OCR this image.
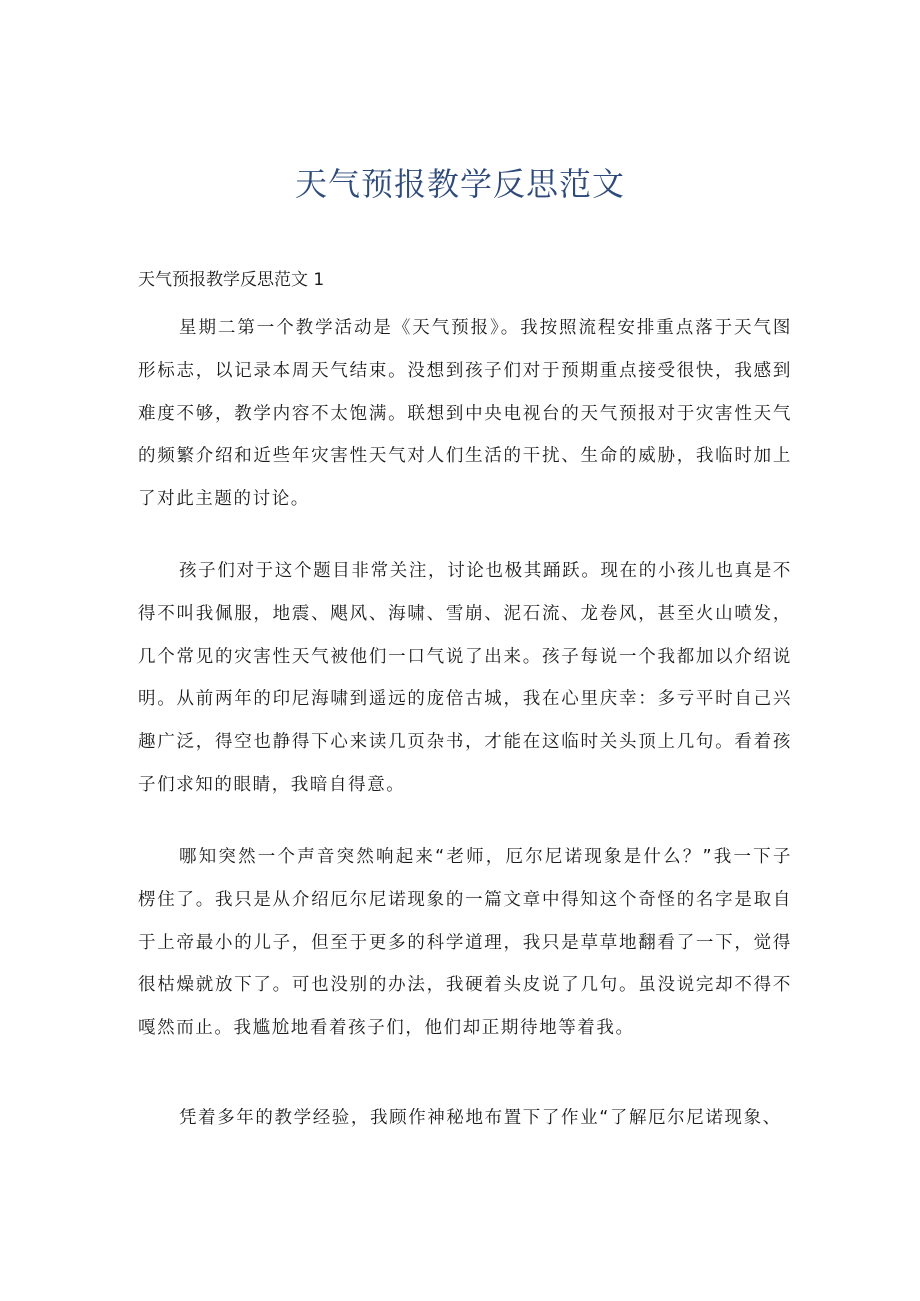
天气预报教学反思范文
天气预报教学反思范文 1

星期二第一个教学活动是《天气预报》。我按照流程安排重点落于天气图形标志，以记录本周天气结束。没想到孩子们对于预期重点接受很快，我感到难度不够，教学内容不太饱满。联想到中央电视台的天气预报对于灾害性天气的频繁介绍和近些年灾害性天气对人们生活的干扰、生命的威胁，我临时加上了对此主题的讨论。

孩子们对于这个题目非常关注，讨论也极其踊跃。现在的小孩儿也真是不得不叫我佩服，地震、飓风、海啸、雪崩、泥石流、龙卷风，甚至火山喷发，几个常见的灾害性天气被他们一口气说了出来。孩子每说一个我都加以介绍说明。从前两年的印尼海啸到遥远的庞倍古城，我在心里庆幸：多亏平时自己兴趣广泛，得空也静得下心来读几页杂书，才能在这临时关头顶上几句。看着孩子们求知的眼睛，我暗自得意。

哪知突然一个声音突然响起来“老师，厄尔尼诺现象是什么？”我一下子楞住了。我只是从介绍厄尔尼诺现象的一篇文章中得知这个奇怪的名字是取自于上帝最小的儿子，但至于更多的科学道理，我只是草草地翻看了一下，觉得很枯燥就放下了。可也没别的办法，我硬着头皮说了几句。虽没说完却不得不嘎然而止。我尴尬地看着孩子们，他们却正期待地等着我。

凭着多年的教学经验，我顾作神秘地布置下了作业“了解厄尔尼诺现象、
